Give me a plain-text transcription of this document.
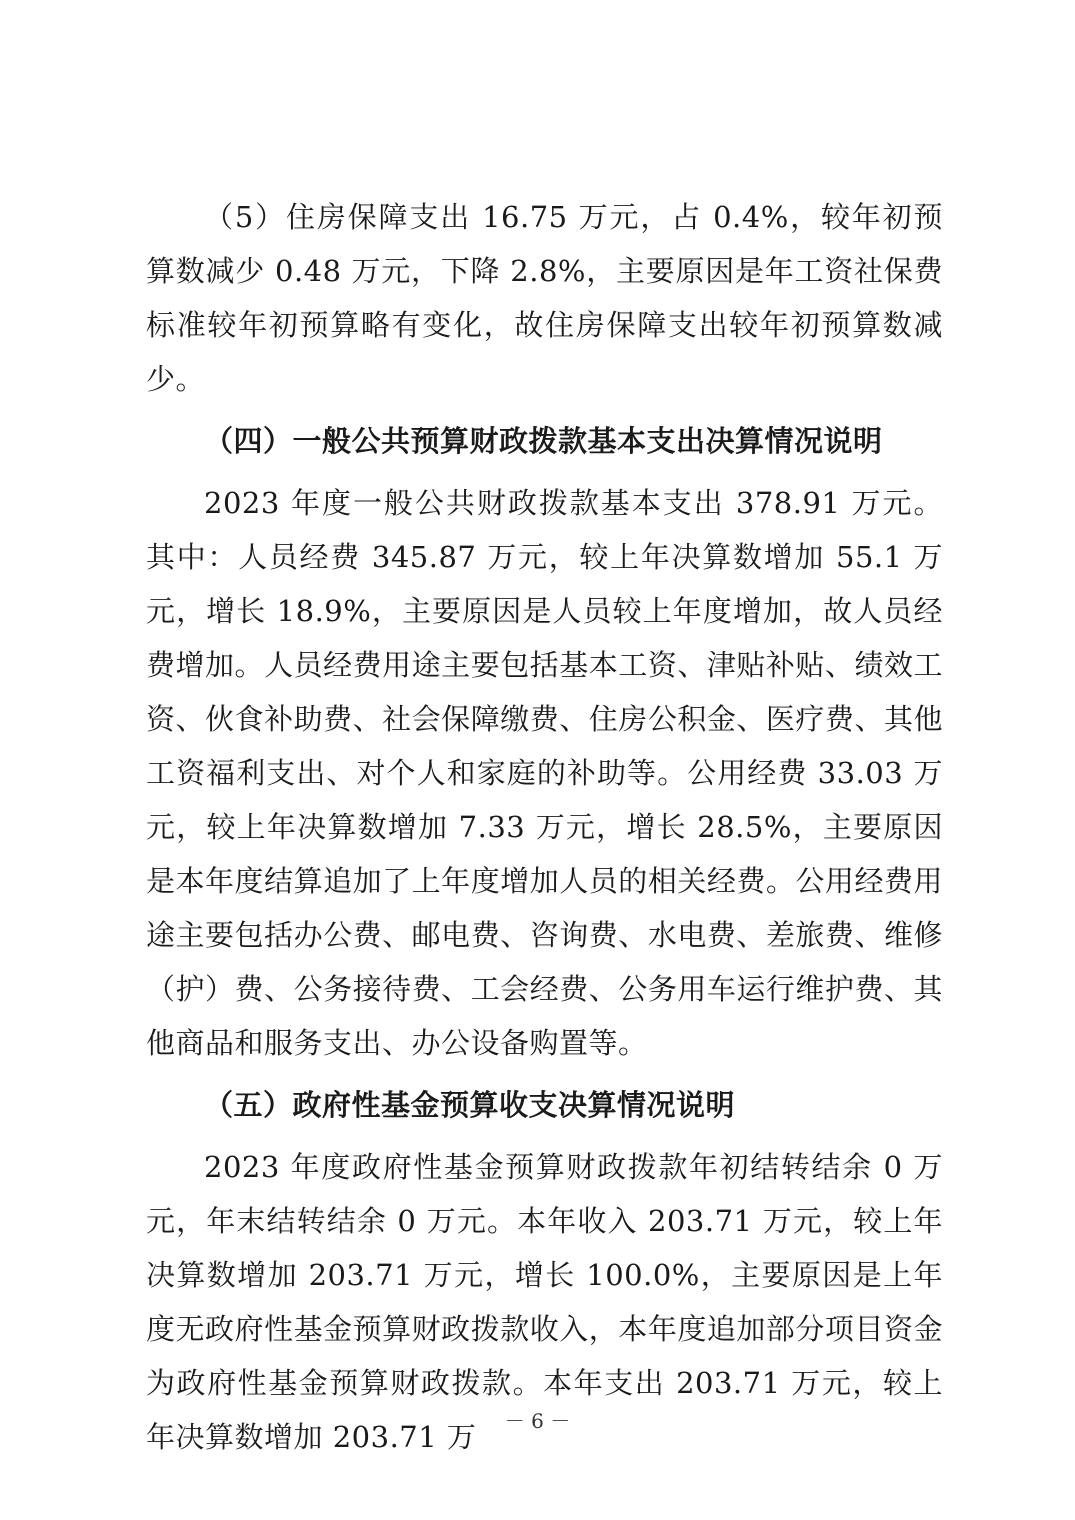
（5）住房保障支出 16.75 万元，占 0.4%，较年初预算数减少 0.48 万元，下降 2.8%，主要原因是年工资社保费标准较年初预算略有变化，故住房保障支出较年初预算数减少。

（四）一般公共预算财政拨款基本支出决算情况说明

2023 年度一般公共财政拨款基本支出 378.91 万元。其中：人员经费 345.87 万元，较上年决算数增加 55.1 万元，增长 18.9%，主要原因是人员较上年度增加，故人员经费增加。人员经费用途主要包括基本工资、津贴补贴、绩效工资、伙食补助费、社会保障缴费、住房公积金、医疗费、其他工资福利支出、对个人和家庭的补助等。公用经费 33.03 万元，较上年决算数增加 7.33 万元，增长 28.5%，主要原因是本年度结算追加了上年度增加人员的相关经费。公用经费用途主要包括办公费、邮电费、咨询费、水电费、差旅费、维修（护）费、公务接待费、工会经费、公务用车运行维护费、其他商品和服务支出、办公设备购置等。

（五）政府性基金预算收支决算情况说明

2023 年度政府性基金预算财政拨款年初结转结余 0 万元，年末结转结余 0 万元。本年收入 203.71 万元，较上年决算数增加 203.71 万元，增长 100.0%，主要原因是上年度无政府性基金预算财政拨款收入，本年度追加部分项目资金为政府性基金预算财政拨款。本年支出 203.71 万元，较上年决算数增加 203.71 万	－ 6 －
